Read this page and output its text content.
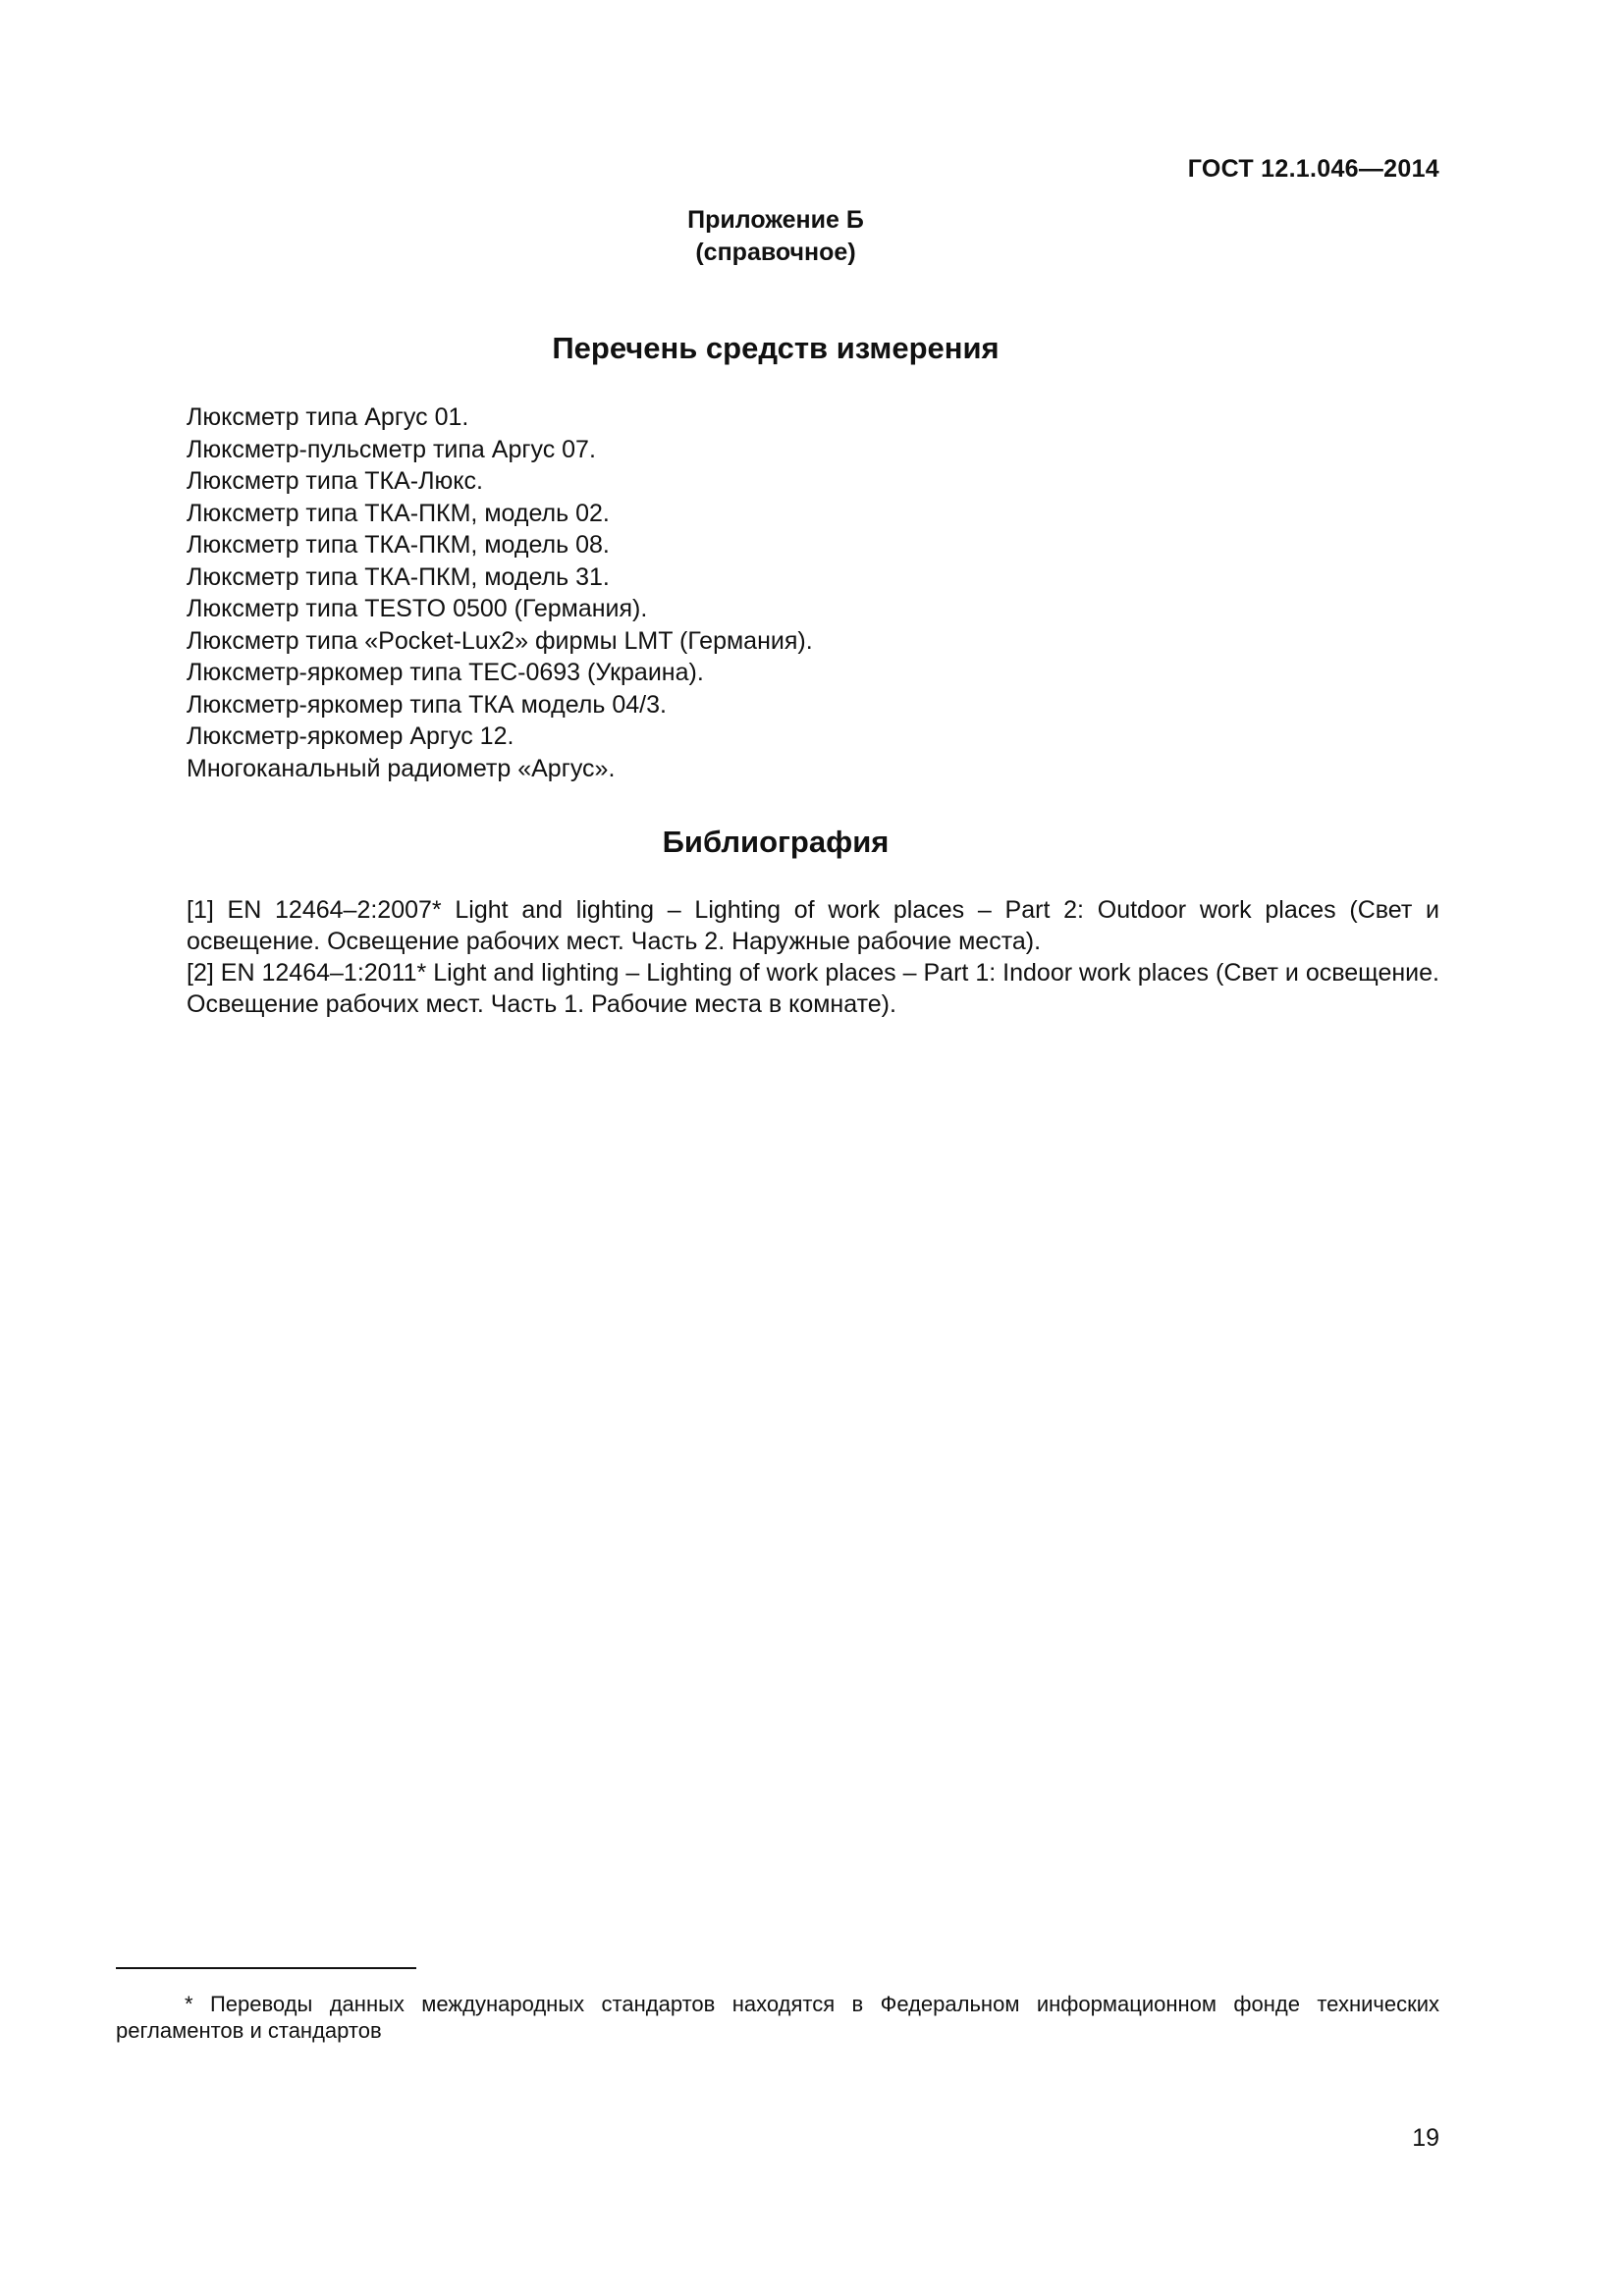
ГОСТ 12.1.046—2014
Приложение Б
(справочное)
Перечень средств измерения
Люксметр типа Аргус 01.
Люксметр-пульсметр типа Аргус 07.
Люксметр типа ТКА-Люкс.
Люксметр типа ТКА-ПКМ, модель 02.
Люксметр типа ТКА-ПКМ, модель 08.
Люксметр типа ТКА-ПКМ, модель 31.
Люксметр типа TESTO 0500 (Германия).
Люксметр типа «Pocket-Lux2» фирмы LMT (Германия).
Люксметр-яркомер типа ТЕС-0693 (Украина).
Люксметр-яркомер типа ТКА модель 04/3.
Люксметр-яркомер Аргус 12.
Многоканальный радиометр «Аргус».
Библиография
[1] EN 12464–2:2007* Light and lighting – Lighting of work places – Part 2: Outdoor work places (Свет и освещение. Освещение рабочих мест. Часть 2. Наружные рабочие места).
[2] EN 12464–1:2011* Light and lighting – Lighting of work places – Part 1: Indoor work places (Свет и освещение. Освещение рабочих мест. Часть 1. Рабочие места в комнате).
* Переводы данных международных стандартов находятся в Федеральном информационном фонде технических регламентов и стандартов
19
